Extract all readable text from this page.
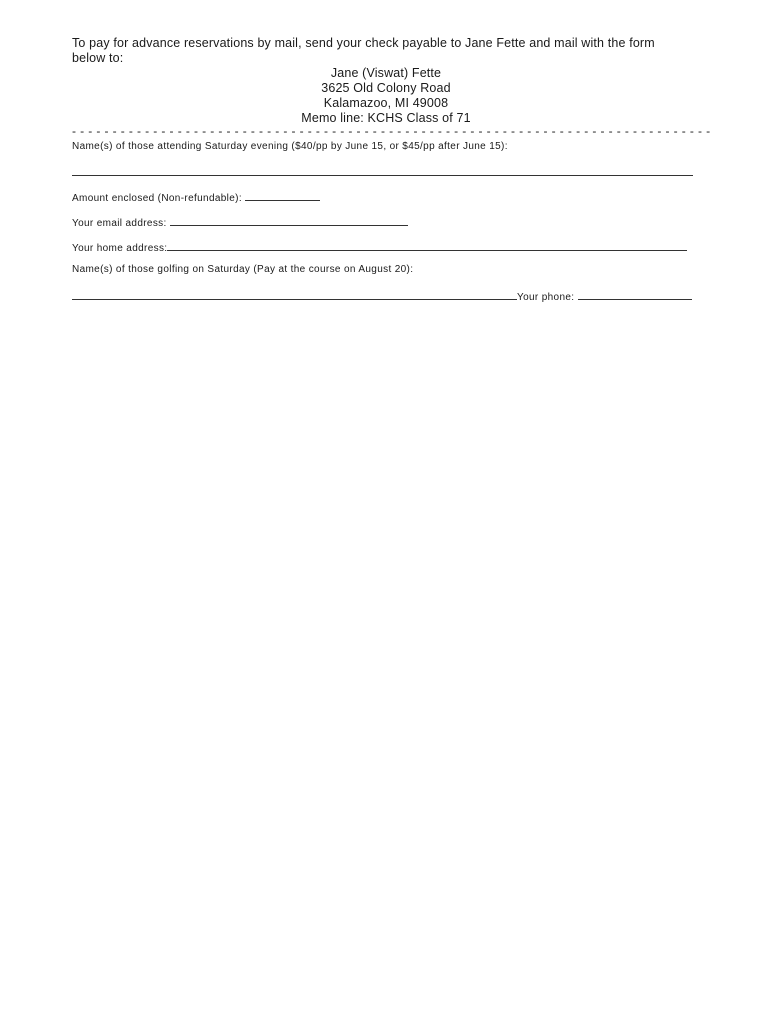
To pay for advance reservations by mail, send your check payable to Jane Fette and mail with the form below to:
Jane (Viswat) Fette
3625 Old Colony Road
Kalamazoo, MI 49008
Memo line: KCHS Class of 71
- - - - - - - - - - - - - - - - - - - - - - - - - - - - - - - - - - - - - - - - - - - - - - - - - - - - - - - - - - - - - - - - - - - - - - - - - - - - - - -
Name(s) of those attending Saturday evening ($40/pp by June 15, or $45/pp after June 15):
Amount enclosed (Non-refundable):
Your email address:
Your home address:
Name(s) of those golfing on Saturday (Pay at the course on August 20):
Your phone:
